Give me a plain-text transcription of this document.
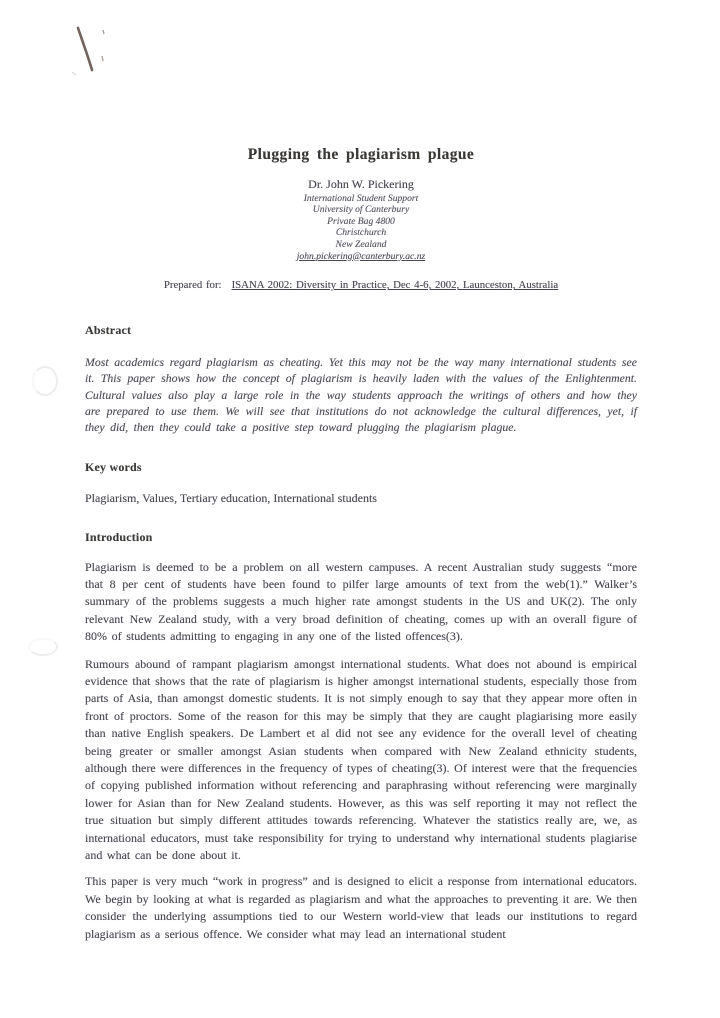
Plugging the plagiarism plague
Dr. John W. Pickering
International Student Support
University of Canterbury
Private Bag 4800
Christchurch
New Zealand
john.pickering@canterbury.ac.nz
Prepared for: ISANA 2002: Diversity in Practice, Dec 4-6, 2002, Launceston, Australia
Abstract

Most academics regard plagiarism as cheating. Yet this may not be the way many international students see it. This paper shows how the concept of plagiarism is heavily laden with the values of the Enlightenment. Cultural values also play a large role in the way students approach the writings of others and how they are prepared to use them. We will see that institutions do not acknowledge the cultural differences, yet, if they did, then they could take a positive step toward plugging the plagiarism plague.

Key words

Plagiarism, Values, Tertiary education, International students

Introduction

Plagiarism is deemed to be a problem on all western campuses. A recent Australian study suggests “more that 8 per cent of students have been found to pilfer large amounts of text from the web(1).” Walker’s summary of the problems suggests a much higher rate amongst students in the US and UK(2). The only relevant New Zealand study, with a very broad definition of cheating, comes up with an overall figure of 80% of students admitting to engaging in any one of the listed offences(3).

Rumours abound of rampant plagiarism amongst international students. What does not abound is empirical evidence that shows that the rate of plagiarism is higher amongst international students, especially those from parts of Asia, than amongst domestic students. It is not simply enough to say that they appear more often in front of proctors. Some of the reason for this may be simply that they are caught plagiarising more easily than native English speakers. De Lambert et al did not see any evidence for the overall level of cheating being greater or smaller amongst Asian students when compared with New Zealand ethnicity students, although there were differences in the frequency of types of cheating(3). Of interest were that the frequencies of copying published information without referencing and paraphrasing without referencing were marginally lower for Asian than for New Zealand students. However, as this was self reporting it may not reflect the true situation but simply different attitudes towards referencing. Whatever the statistics really are, we, as international educators, must take responsibility for trying to understand why international students plagiarise and what can be done about it.

This paper is very much “work in progress” and is designed to elicit a response from international educators. We begin by looking at what is regarded as plagiarism and what the approaches to preventing it are. We then consider the underlying assumptions tied to our Western world-view that leads our institutions to regard plagiarism as a serious offence. We consider what may lead an international student
